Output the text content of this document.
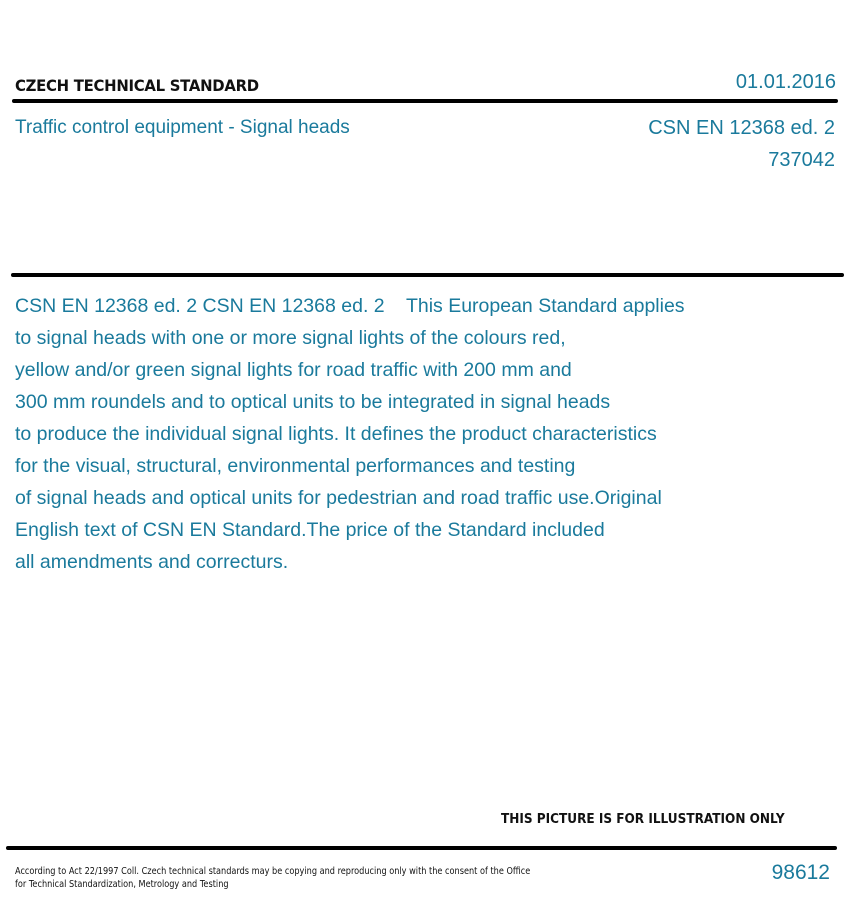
CZECH TECHNICAL STANDARD	01.01.2016
Traffic control equipment - Signal heads	CSN EN 12368 ed. 2
737042
CSN EN 12368 ed. 2 CSN EN 12368 ed. 2    This European Standard applies
to signal heads with one or more signal lights of the colours red,
yellow and/or green signal lights for road traffic with 200 mm and
300 mm roundels and to optical units to be integrated in signal heads
to produce the individual signal lights. It defines the product characteristics
for the visual, structural, environmental performances and testing
of signal heads and optical units for pedestrian and road traffic use.Original
English text of CSN EN Standard.The price of the Standard included
all amendments and correcturs.
THIS PICTURE IS FOR ILLUSTRATION ONLY
According to Act 22/1997 Coll. Czech technical standards may be copying and reproducing only with the consent of the Office
for Technical Standardization, Metrology and Testing
98612
